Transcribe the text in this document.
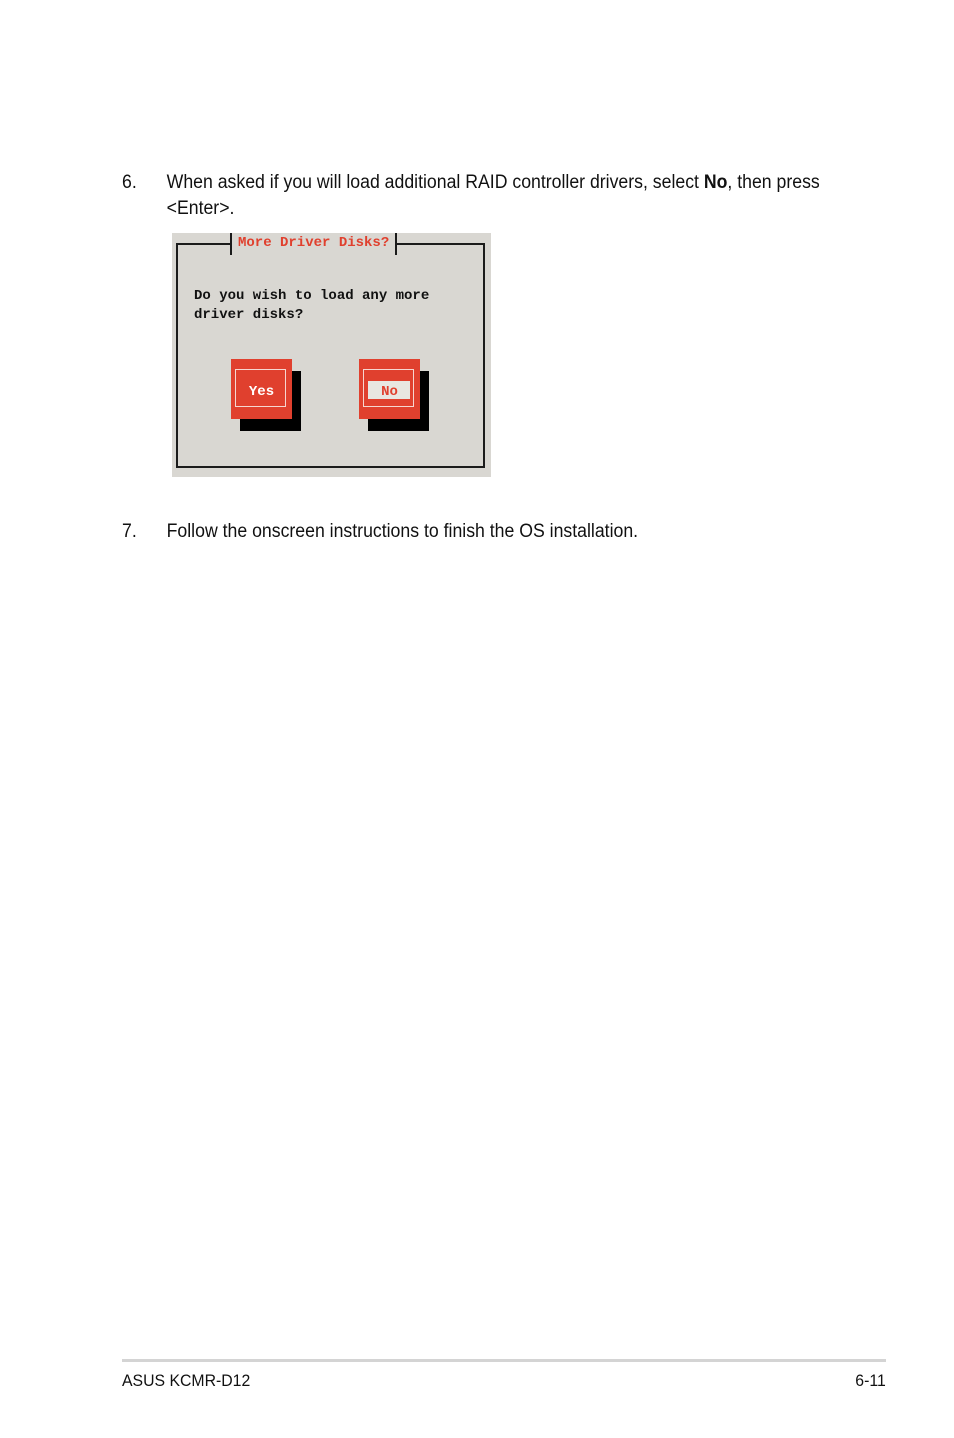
6. When asked if you will load additional RAID controller drivers, select No, then press <Enter>.
More Driver Disks?
Do you wish to load any more
driver disks?
Yes	No
7. Follow the onscreen instructions to finish the OS installation.
ASUS KCMR-D12	6-11
